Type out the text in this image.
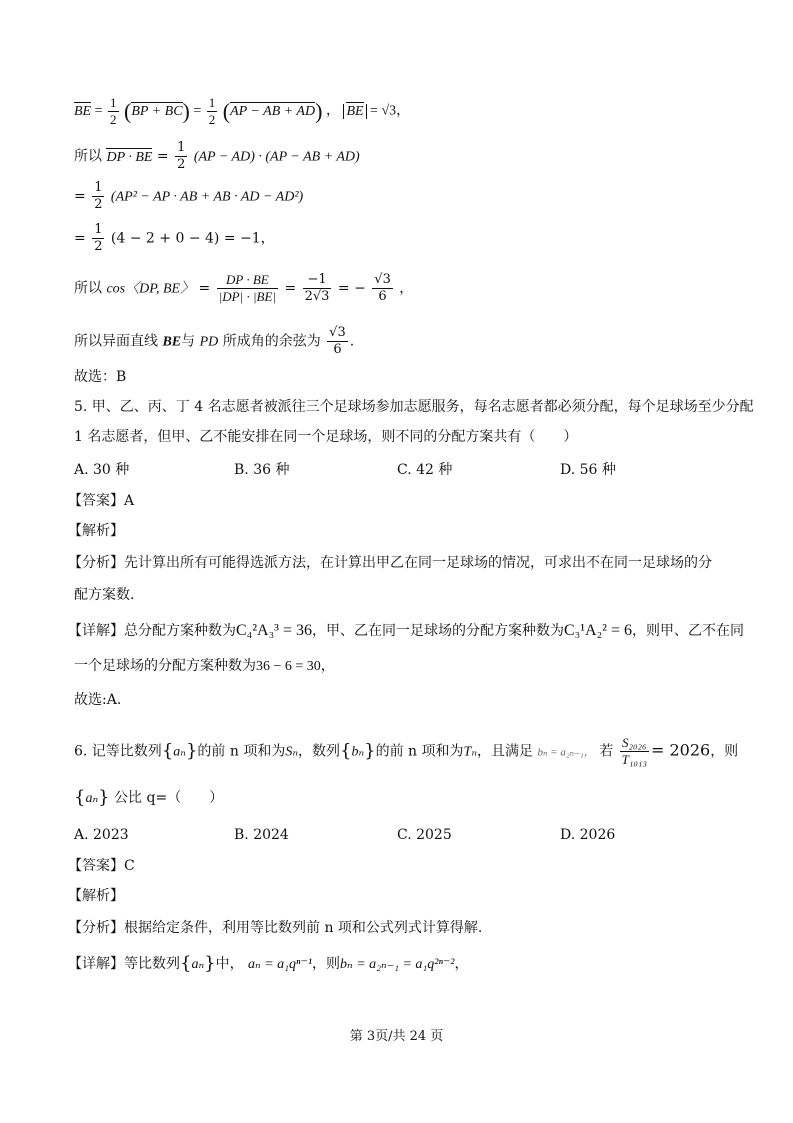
BE = $\frac{1}{2} (BP + BC) = \frac{1}{2} (AP$ − AB + AD) ， BE = √3，
所以 DP · BE = $\frac{1}{2} (AP - AD) \cdot (AP$ − AB + AD)
= $\frac{1}{2} (AP^2$ − AP · AB + AB · AD − AD²)
= $\frac{1}{2} (4 - 2 + 0 - 4) = -1$，
所以 cos〈DP, BE〉 = $\frac{DP \cdot BE}{|DP| \cdot |BE|} = \frac{-1}{2√3}$ = − $\frac{√3}{6}$ ，
所以异面直线 BE与 PD 所成角的余弦为 $\frac{√3}{6}$ .
故选：B
5. 甲、乙、丙、丁 4 名志愿者被派往三个足球场参加志愿服务，每名志愿者都必须分配，每个足球场至少分配
1 名志愿者，但甲、乙不能安排在同一个足球场，则不同的分配方案共有（　　）
A. 30 种	B. 36 种	C. 42 种	D. 56 种
【答案】A
【解析】
【分析】先计算出所有可能得选派方法，在计算出甲乙在同一足球场的情况，可求出不在同一足球场的分
配方案数.
【详解】总分配方案种数为C₄²A₃³ = 36，甲、乙在同一足球场的分配方案种数为C₃¹A₂² = 6，则甲、乙不在同
一个足球场的分配方案种数为36 − 6 = 30，
故选:A.
6. 记等比数列{aₙ}的前 n 项和为Sₙ，数列{bₙ}的前 n 项和为Tₙ，且满足 bₙ = a₂ₙ₋₁， 若 $\frac{\text{S₂₀₂₆}}{\text{T₁₀₁₃}} = 2026$，则
{aₙ} 公比 q=（　　）
A. 2023	B. 2024	C. 2025	D. 2026
【答案】C
【解析】
【分析】根据给定条件，利用等比数列前 n 项和公式列式计算得解.
【详解】等比数列{aₙ}中， aₙ = a₁qⁿ⁻¹，则bₙ = a₂ₙ₋₁ = a₁q²ⁿ⁻²，
第 3页/共 24 页
